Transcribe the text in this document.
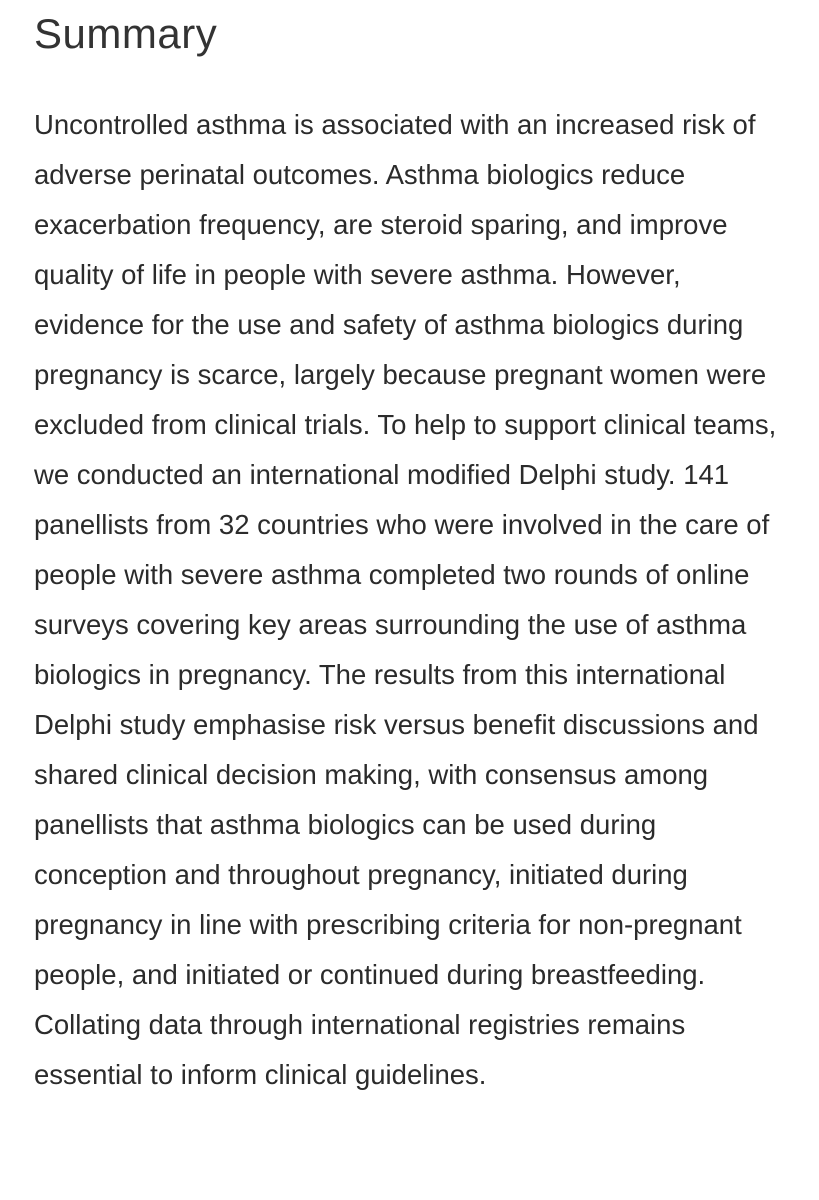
Summary

Uncontrolled asthma is associated with an increased risk of adverse perinatal outcomes. Asthma biologics reduce exacerbation frequency, are steroid sparing, and improve quality of life in people with severe asthma. However, evidence for the use and safety of asthma biologics during pregnancy is scarce, largely because pregnant women were excluded from clinical trials. To help to support clinical teams, we conducted an international modified Delphi study. 141 panellists from 32 countries who were involved in the care of people with severe asthma completed two rounds of online surveys covering key areas surrounding the use of asthma biologics in pregnancy. The results from this international Delphi study emphasise risk versus benefit discussions and shared clinical decision making, with consensus among panellists that asthma biologics can be used during conception and throughout pregnancy, initiated during pregnancy in line with prescribing criteria for non-pregnant people, and initiated or continued during breastfeeding. Collating data through international registries remains essential to inform clinical guidelines.
